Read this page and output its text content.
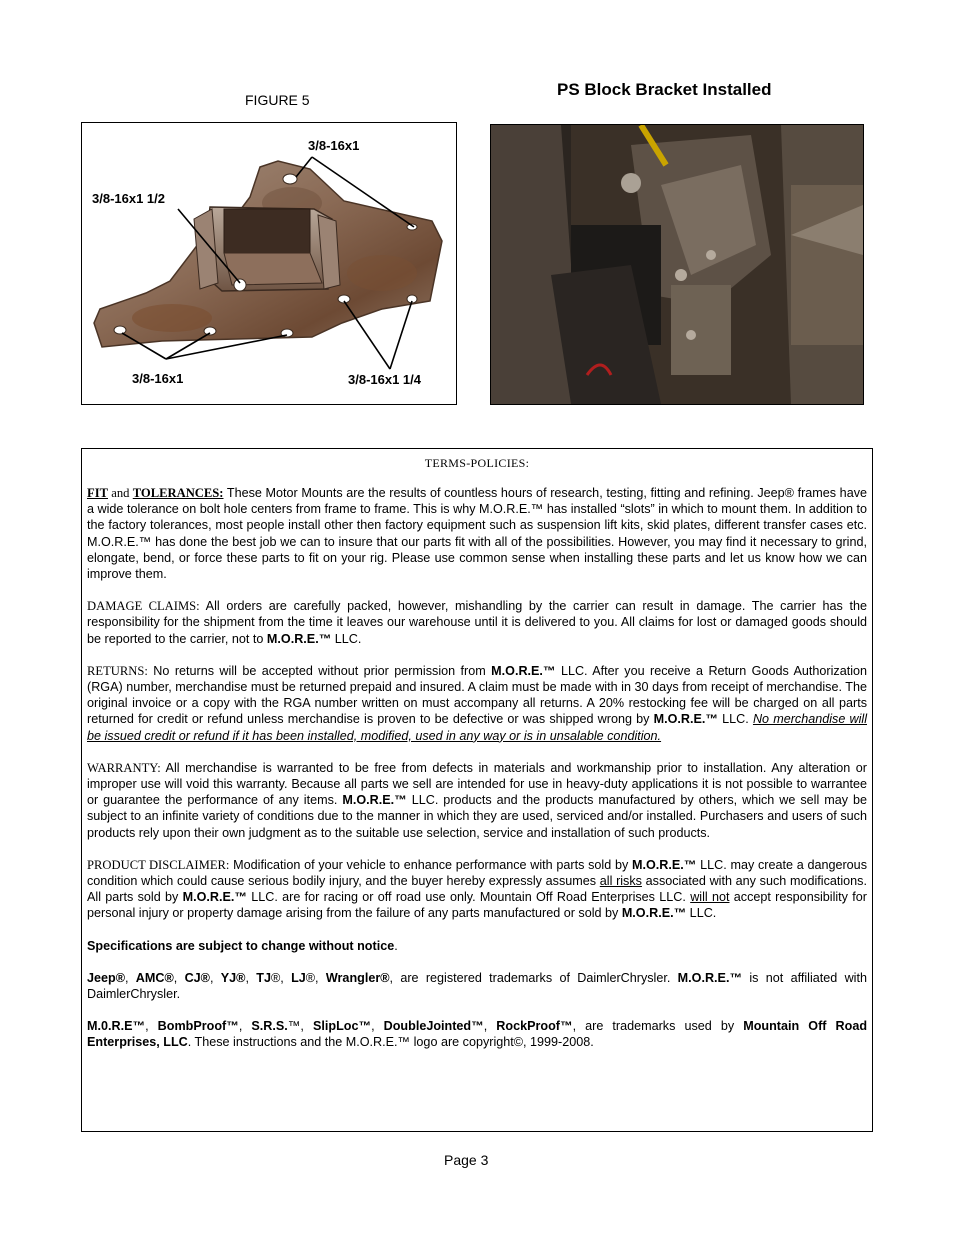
FIGURE 5
PS Block Bracket Installed
3/8-16x1
3/8-16x1 1/2
3/8-16x1	3/8-16x1 1/4
TERMS-POLICIES:

FIT and TOLERANCES: These Motor Mounts are the results of countless hours of research, testing, fitting and refining. Jeep® frames have a wide tolerance on bolt hole centers from frame to frame. This is why M.O.R.E.™ has installed “slots” in which to mount them. In addition to the factory tolerances, most people install other then factory equipment such as suspension lift kits, skid plates, different transfer cases etc. M.O.R.E.™ has done the best job we can to insure that our parts fit with all of the possibilities. However, you may find it necessary to grind, elongate, bend, or force these parts to fit on your rig. Please use common sense when installing these parts and let us know how we can improve them.

DAMAGE CLAIMS: All orders are carefully packed, however, mishandling by the carrier can result in damage. The carrier has the responsibility for the shipment from the time it leaves our warehouse until it is delivered to you. All claims for lost or damaged goods should be reported to the carrier, not to M.O.R.E.™ LLC.

RETURNS: No returns will be accepted without prior permission from M.O.R.E.™ LLC. After you receive a Return Goods Authorization (RGA) number, merchandise must be returned prepaid and insured. A claim must be made with in 30 days from receipt of merchandise. The original invoice or a copy with the RGA number written on must accompany all returns. A 20% restocking fee will be charged on all parts returned for credit or refund unless merchandise is proven to be defective or was shipped wrong by M.O.R.E.™ LLC. No merchandise will be issued credit or refund if it has been installed, modified, used in any way or is in unsalable condition.

WARRANTY: All merchandise is warranted to be free from defects in materials and workmanship prior to installation. Any alteration or improper use will void this warranty. Because all parts we sell are intended for use in heavy-duty applications it is not possible to warrantee or guarantee the performance of any items. M.O.R.E.™ LLC. products and the products manufactured by others, which we sell may be subject to an infinite variety of conditions due to the manner in which they are used, serviced and/or installed. Purchasers and users of such products rely upon their own judgment as to the suitable use selection, service and installation of such products.

PRODUCT DISCLAIMER: Modification of your vehicle to enhance performance with parts sold by M.O.R.E.™ LLC. may create a dangerous condition which could cause serious bodily injury, and the buyer hereby expressly assumes all risks associated with any such modifications. All parts sold by M.O.R.E.™ LLC. are for racing or off road use only. Mountain Off Road Enterprises LLC. will not accept responsibility for personal injury or property damage arising from the failure of any parts manufactured or sold by M.O.R.E.™ LLC.

Specifications are subject to change without notice.

Jeep®, AMC®, CJ®, YJ®, TJ®, LJ®, Wrangler®, are registered trademarks of DaimlerChrysler. M.O.R.E.™ is not affiliated with DaimlerChrysler.

M.0.R.E™, BombProof™, S.R.S.™, SlipLoc™, DoubleJointed™, RockProof™, are trademarks used by Mountain Off Road Enterprises, LLC. These instructions and the M.O.R.E.™ logo are copyright©, 1999-2008.

Page 3
